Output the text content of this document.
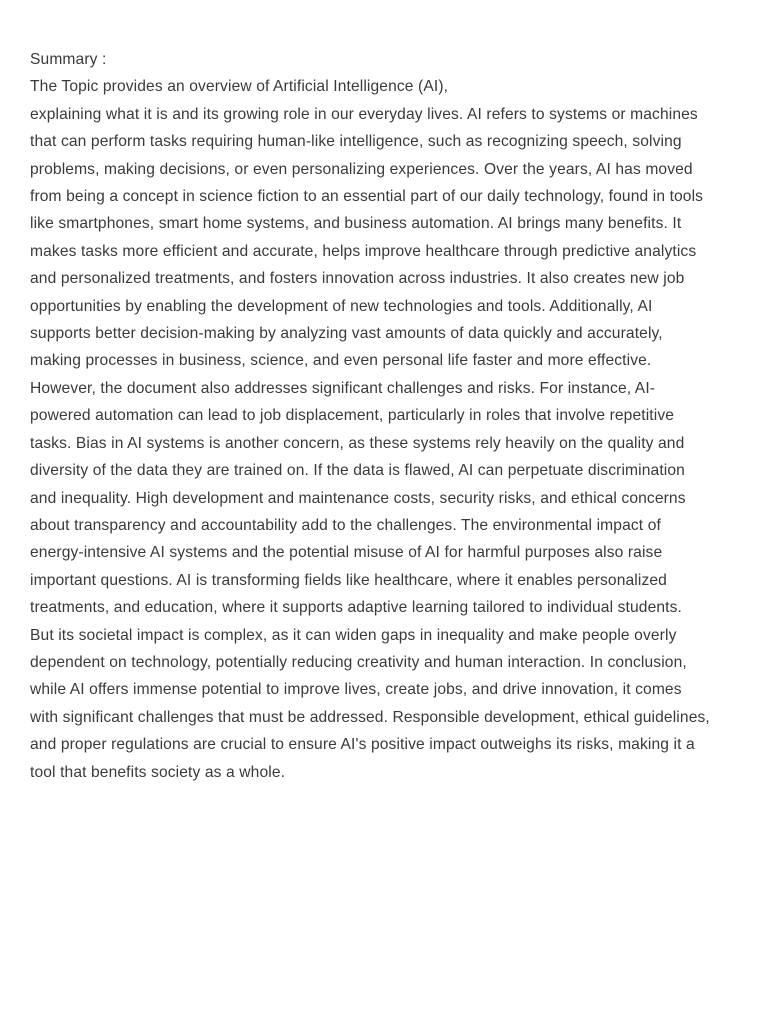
Summary :

The Topic provides an overview of Artificial Intelligence (AI),

explaining what it is and its growing role in our everyday lives. AI refers to systems or machines

that can perform tasks requiring human-like intelligence, such as recognizing speech, solving

problems, making decisions, or even personalizing experiences. Over the years, AI has moved

from being a concept in science fiction to an essential part of our daily technology, found in tools

like smartphones, smart home systems, and business automation. AI brings many benefits. It

makes tasks more efficient and accurate, helps improve healthcare through predictive analytics

and personalized treatments, and fosters innovation across industries. It also creates new job

opportunities by enabling the development of new technologies and tools. Additionally, AI

supports better decision-making by analyzing vast amounts of data quickly and accurately,

making processes in business, science, and even personal life faster and more effective.

However, the document also addresses significant challenges and risks. For instance, AI-

powered automation can lead to job displacement, particularly in roles that involve repetitive

tasks. Bias in AI systems is another concern, as these systems rely heavily on the quality and

diversity of the data they are trained on. If the data is flawed, AI can perpetuate discrimination

and inequality. High development and maintenance costs, security risks, and ethical concerns

about transparency and accountability add to the challenges. The environmental impact of

energy-intensive AI systems and the potential misuse of AI for harmful purposes also raise

important questions. AI is transforming fields like healthcare, where it enables personalized

treatments, and education, where it supports adaptive learning tailored to individual students.

But its societal impact is complex, as it can widen gaps in inequality and make people overly

dependent on technology, potentially reducing creativity and human interaction. In conclusion,

while AI offers immense potential to improve lives, create jobs, and drive innovation, it comes

with significant challenges that must be addressed. Responsible development, ethical guidelines,

and proper regulations are crucial to ensure AI's positive impact outweighs its risks, making it a

tool that benefits society as a whole.
